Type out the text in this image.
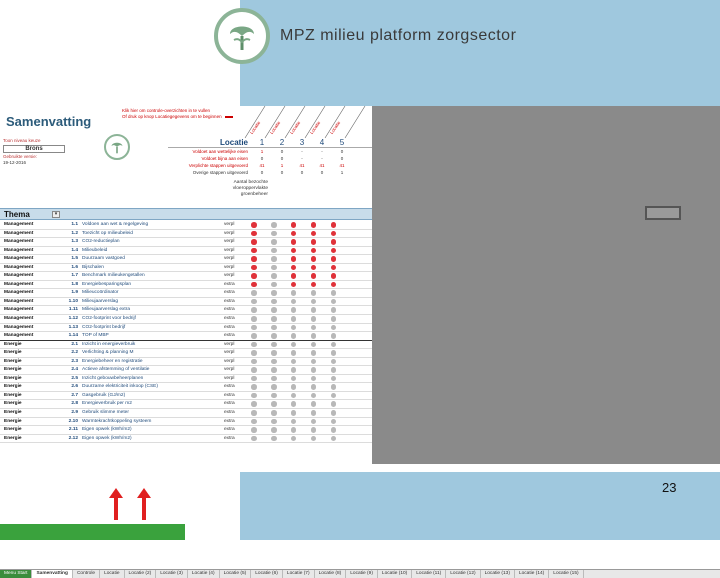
MPZ milieu platform zorgsector
Samenvatting
Klik hier om controle-overzichten in te vullen
Of druk op knop Locatiegegevens om te beginnen
Toon niveau keuze
Brons
Gebruikte versie:
19-12-2016
Locatie Locatie Locatie Locatie Locatie
Locatie	1	2	3	4	5
Voldoet aan wettelijke eisen	1	0	-	-	0
Voldoet bijna aan eisen	0	0	-	-	0
Verplichte stappen uitgevoerd	41	1	41	41	41
Overige stappen uitgevoerd	0	0	0	0	1
Aantal bezochte
vloeroppervlakte
groenbeheer
Thema	▾
Management	1.1 Voldoen aan wet & regelgeving	verpl
Management	1.2 Toezicht op milieubeleid	verpl
Management	1.3 CO2-reductieplan	verpl
Management	1.4 Milieubeleid	verpl
Management	1.5 Duurzaam vastgoed	verpl
Management	1.6 Bijschalen	verpl
Management	1.7 Benchmark milieukengetallen	verpl
Management	1.8 Energiebesparingsplan	extra
Management	1.9 Milieucoördinator	extra
Management	1.10 Milieujaarverslag	extra
Management	1.11 Milieujaarverslag extra	extra
Management	1.12 CO2-footprint voor bedrijf	extra
Management	1.13 CO2-footprint bedrijf	extra
Management	1.14 TOP of MBP	extra
Energie	2.1 Inzicht in energieverbruik	verpl
Energie	2.2 Verlichting & planning M	verpl
Energie	2.3 Energiebeheer en registratie	verpl
Energie	2.4 Actieve afstemming of ventilatie	verpl
Energie	2.5 Inzicht gebouwbeheerplanen	verpl
Energie	2.6 Duurzame elektriciteit inkoop (CSE)	extra
Energie	2.7 Gasgebruik (GJ/m2)	extra
Energie	2.8 Energieverbruik per m2	extra
Energie	2.9 Gebruik slimme meter	extra
Energie	2.10 Warmtekrachtkoppeling systeem	extra
Energie	2.11 Eigen opwek (kWh/m2)	extra
Energie	2.12 Eigen opwek (kWh/m2)	extra
Menu Start	Samenvatting	Controle	Locatie	Locatie (2)	Locatie (3)	Locatie (4)	Locatie (5)	Locatie (6)	Locatie (7)	Locatie (8)	Locatie (9)	Locatie (10)	Locatie (11)	Locatie (12)	Locatie (13)	Locatie (14)	Locatie (15)
23
